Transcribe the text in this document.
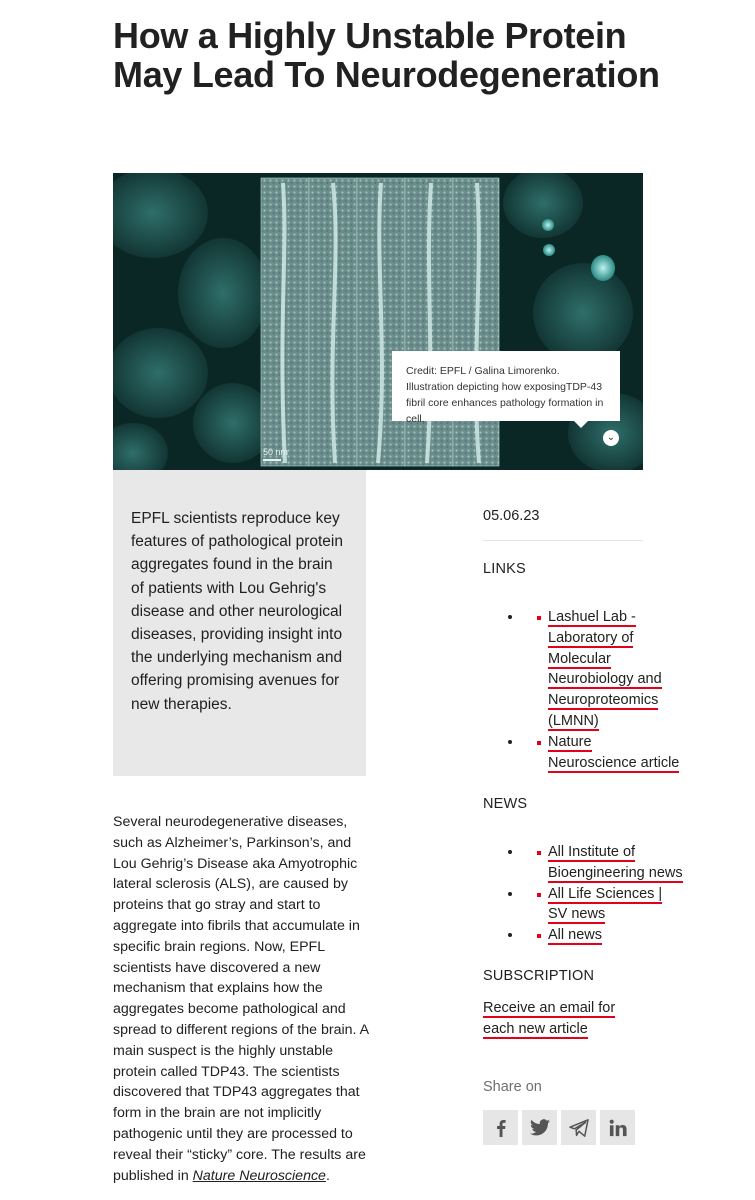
How a Highly Unstable Protein May Lead To Neurodegeneration
50 nm
Credit: EPFL / Galina Limorenko. Illustration depicting how exposingTDP-43 fibril core enhances pathology formation in cell.
⌄
EPFL scientists reproduce key features of pathological protein aggregates found in the brain of patients with Lou Gehrig's disease and other neurological diseases, providing insight into the underlying mechanism and offering promising avenues for new therapies.

Several neurodegenerative diseases, such as Alzheimer’s, Parkinson’s, and Lou Gehrig’s Disease aka Amyotrophic lateral sclerosis (ALS), are caused by proteins that go stray and start to aggregate into fibrils that accumulate in specific brain regions. Now, EPFL scientists have discovered a new mechanism that explains how the aggregates become pathological and spread to different regions of the brain. A main suspect is the highly unstable protein called TDP43. The scientists discovered that TDP43 aggregates that form in the brain are not implicitly pathogenic until they are processed to reveal their “sticky” core. The results are published in Nature Neuroscience.

05.06.23
LINKS
• Lashuel Lab - Laboratory of Molecular Neurobiology and Neuroproteomics (LMNN)
• Nature Neuroscience article
NEWS
• All Institute of Bioengineering news
• All Life Sciences | SV news
• All news
SUBSCRIPTION
Receive an email for each new article
Share on
